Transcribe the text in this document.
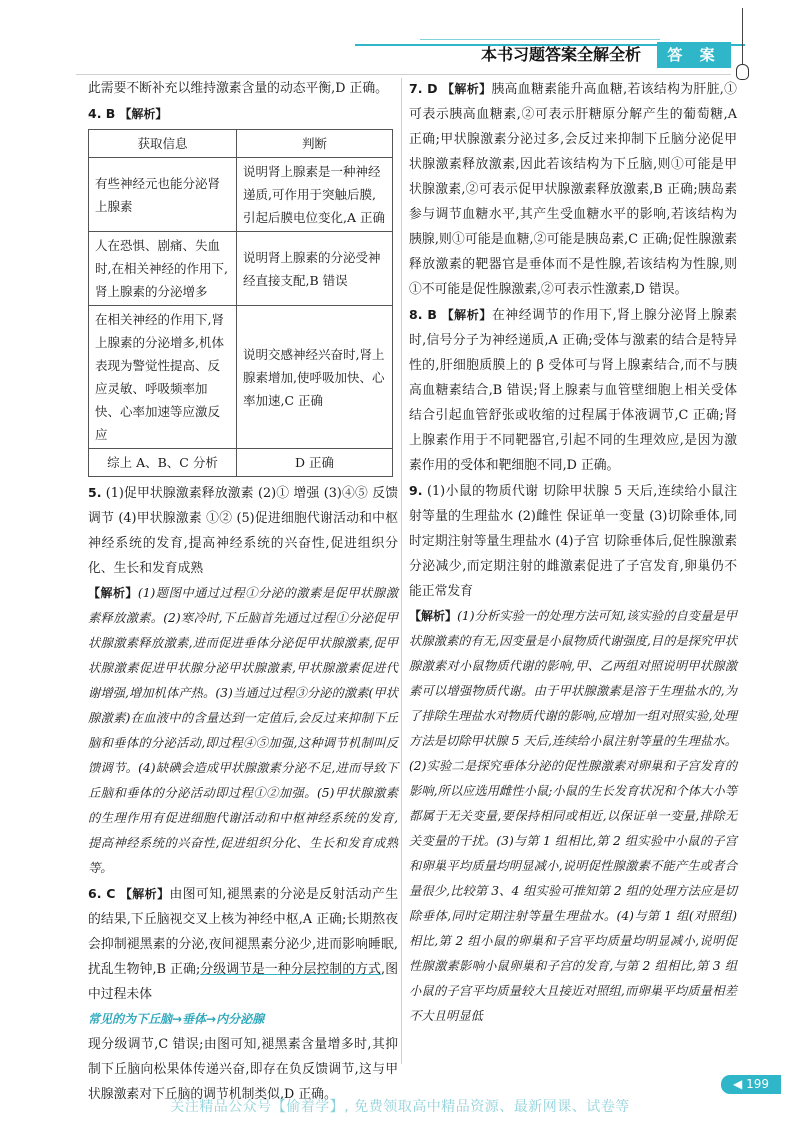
本书习题答案全解全析	答 案

此需要不断补充以维持激素含量的动态平衡,D 正确。

4. B 【解析】

获取信息	判断
有些神经元也能分泌肾上腺素	说明肾上腺素是一种神经递质,可作用于突触后膜,引起后膜电位变化,A 正确
人在恐惧、剧痛、失血时,在相关神经的作用下,肾上腺素的分泌增多	说明肾上腺素的分泌受神经直接支配,B 错误
在相关神经的作用下,肾上腺素的分泌增多,机体表现为警觉性提高、反应灵敏、呼吸频率加快、心率加速等应激反应	说明交感神经兴奋时,肾上腺素增加,使呼吸加快、心率加速,C 正确
综上 A、B、C 分析	D 正确

5. (1)促甲状腺激素释放激素 (2)① 增强 (3)④⑤ 反馈调节 (4)甲状腺激素 ①② (5)促进细胞代谢活动和中枢神经系统的发育,提高神经系统的兴奋性,促进组织分化、生长和发育成熟

【解析】(1)题图中通过过程①分泌的激素是促甲状腺激素释放激素。(2)寒冷时,下丘脑首先通过过程①分泌促甲状腺激素释放激素,进而促进垂体分泌促甲状腺激素,促甲状腺激素促进甲状腺分泌甲状腺激素,甲状腺激素促进代谢增强,增加机体产热。(3)当通过过程③分泌的激素(甲状腺激素)在血液中的含量达到一定值后,会反过来抑制下丘脑和垂体的分泌活动,即过程④⑤加强,这种调节机制叫反馈调节。(4)缺碘会造成甲状腺激素分泌不足,进而导致下丘脑和垂体的分泌活动即过程①②加强。(5)甲状腺激素的生理作用有促进细胞代谢活动和中枢神经系统的发育,提高神经系统的兴奋性,促进组织分化、生长和发育成熟等。

6. C 【解析】由图可知,褪黑素的分泌是反射活动产生的结果,下丘脑视交叉上核为神经中枢,A 正确;长期熬夜会抑制褪黑素的分泌,夜间褪黑素分泌少,进而影响睡眠,扰乱生物钟,B 正确;分级调节是一种分层控制的方式,图中过程未体

常见的为下丘脑→垂体→内分泌腺

现分级调节,C 错误;由图可知,褪黑素含量增多时,其抑制下丘脑向松果体传递兴奋,即存在负反馈调节,这与甲状腺激素对下丘脑的调节机制类似,D 正确。

7. D 【解析】胰高血糖素能升高血糖,若该结构为肝脏,①可表示胰高血糖素,②可表示肝糖原分解产生的葡萄糖,A 正确;甲状腺激素分泌过多,会反过来抑制下丘脑分泌促甲状腺激素释放激素,因此若该结构为下丘脑,则①可能是甲状腺激素,②可表示促甲状腺激素释放激素,B 正确;胰岛素参与调节血糖水平,其产生受血糖水平的影响,若该结构为胰腺,则①可能是血糖,②可能是胰岛素,C 正确;促性腺激素释放激素的靶器官是垂体而不是性腺,若该结构为性腺,则①不可能是促性腺激素,②可表示性激素,D 错误。

8. B 【解析】在神经调节的作用下,肾上腺分泌肾上腺素时,信号分子为神经递质,A 正确;受体与激素的结合是特异性的,肝细胞质膜上的 β 受体可与肾上腺素结合,而不与胰高血糖素结合,B 错误;肾上腺素与血管壁细胞上相关受体结合引起血管舒张或收缩的过程属于体液调节,C 正确;肾上腺素作用于不同靶器官,引起不同的生理效应,是因为激素作用的受体和靶细胞不同,D 正确。

9. (1)小鼠的物质代谢 切除甲状腺 5 天后,连续给小鼠注射等量的生理盐水 (2)雌性 保证单一变量 (3)切除垂体,同时定期注射等量生理盐水 (4)子宫 切除垂体后,促性腺激素分泌减少,而定期注射的雌激素促进了子宫发育,卵巢仍不能正常发育

【解析】(1)分析实验一的处理方法可知,该实验的自变量是甲状腺激素的有无,因变量是小鼠物质代谢强度,目的是探究甲状腺激素对小鼠物质代谢的影响,甲、乙两组对照说明甲状腺激素可以增强物质代谢。由于甲状腺激素是溶于生理盐水的,为了排除生理盐水对物质代谢的影响,应增加一组对照实验,处理方法是切除甲状腺 5 天后,连续给小鼠注射等量的生理盐水。(2)实验二是探究垂体分泌的促性腺激素对卵巢和子宫发育的影响,所以应选用雌性小鼠;小鼠的生长发育状况和个体大小等都属于无关变量,要保持相同或相近,以保证单一变量,排除无关变量的干扰。(3)与第 1 组相比,第 2 组实验中小鼠的子宫和卵巢平均质量均明显减小,说明促性腺激素不能产生或者合量很少,比较第 3、4 组实验可推知第 2 组的处理方法应是切除垂体,同时定期注射等量生理盐水。(4)与第 1 组(对照组)相比,第 2 组小鼠的卵巢和子宫平均质量均明显减小,说明促性腺激素影响小鼠卵巢和子宫的发育,与第 2 组相比,第 3 组小鼠的子宫平均质量较大且接近对照组,而卵巢平均质量相差不大且明显低

◀ 199
关注精品公众号【偷着学】, 免费领取高中精品资源、最新网课、试卷等
